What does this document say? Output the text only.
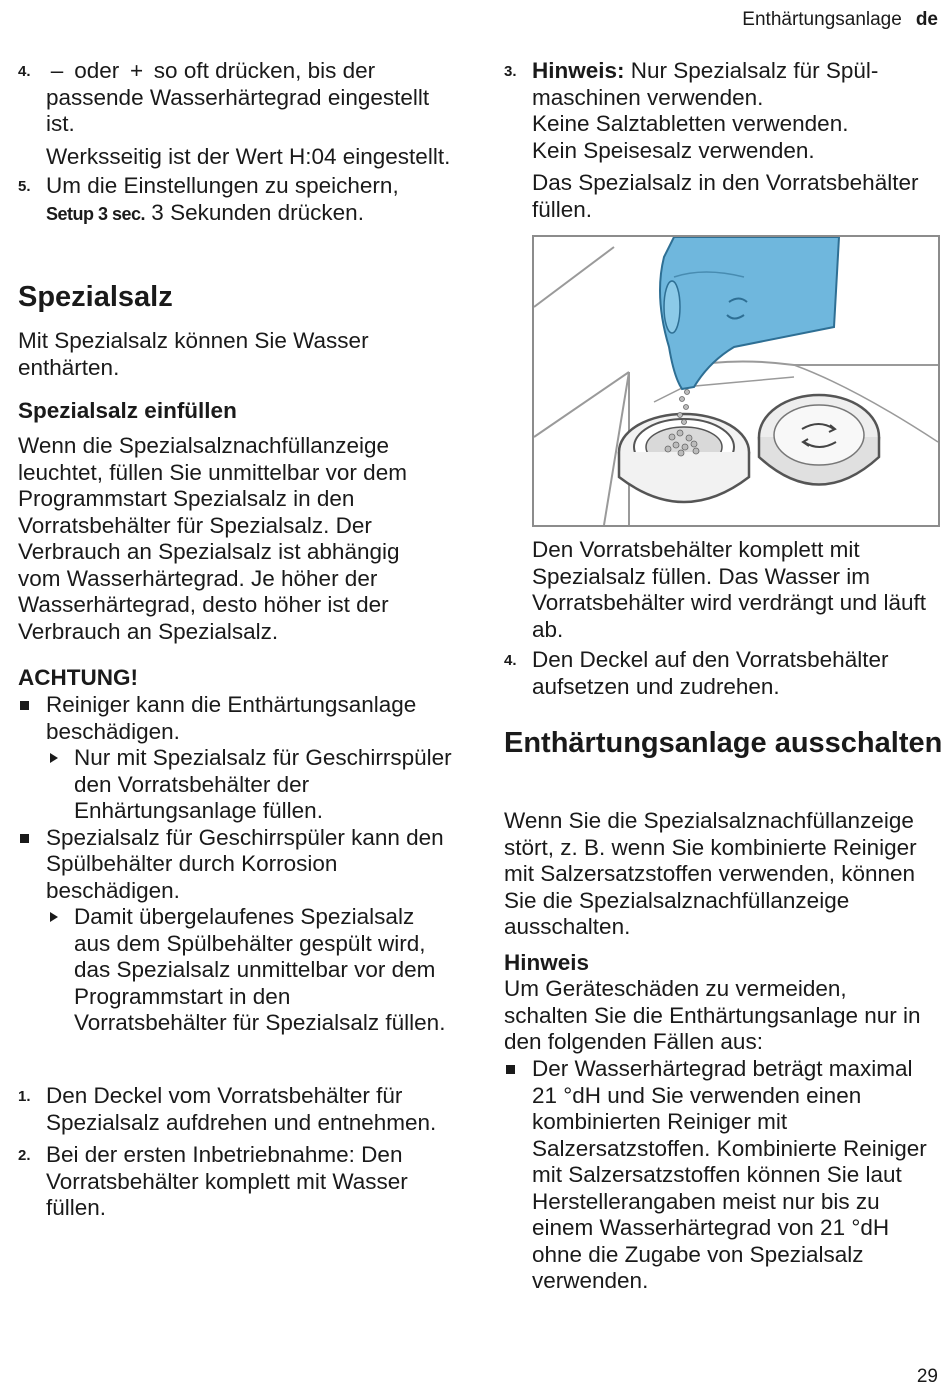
Enthärtungsanlage de
4. – oder + so oft drücken, bis der passende Wasserhärtegrad eingestellt ist.

Werksseitig ist der Wert H:04 eingestellt.

5. Um die Einstellungen zu speichern,
Setup 3 sec. 3 Sekunden drücken.
Spezialsalz

Mit Spezialsalz können Sie Wasser enthärten.

Spezialsalz einfüllen

Wenn die Spezialsalznachfüllanzeige leuchtet, füllen Sie unmittelbar vor dem Programmstart Spezialsalz in den Vorratsbehälter für Spezialsalz. Der Verbrauch an Spezialsalz ist abhängig vom Wasserhärtegrad. Je höher der Wasserhärtegrad, desto höher ist der Verbrauch an Spezialsalz.

ACHTUNG!
Reiniger kann die Enthärtungsanlage beschädigen.
Nur mit Spezialsalz für Geschirrspüler den Vorratsbehälter der Enhärtungsanlage füllen.
Spezialsalz für Geschirrspüler kann den Spülbehälter durch Korrosion beschädigen.
Damit übergelaufenes Spezialsalz aus dem Spülbehälter gespült wird, das Spezialsalz unmittelbar vor dem Programmstart in den Vorratsbehälter für Spezialsalz füllen.
1. Den Deckel vom Vorratsbehälter für Spezialsalz aufdrehen und entnehmen.
2. Bei der ersten Inbetriebnahme: Den Vorratsbehälter komplett mit Wasser füllen.
3. Hinweis: Nur Spezialsalz für Spülmaschinen verwenden.
Keine Salztabletten verwenden.
Kein Speisesalz verwenden.

Das Spezialsalz in den Vorratsbehälter füllen.

Den Vorratsbehälter komplett mit Spezialsalz füllen. Das Wasser im Vorratsbehälter wird verdrängt und läuft ab.

4. Den Deckel auf den Vorratsbehälter aufsetzen und zudrehen.
Enthärtungsanlage ausschalten

Wenn Sie die Spezialsalznachfüllanzeige stört, z. B. wenn Sie kombinierte Reiniger mit Salzersatzstoffen verwenden, können Sie die Spezialsalznachfüllanzeige ausschalten.

Hinweis

Um Geräteschäden zu vermeiden, schalten Sie die Enthärtungsanlage nur in den folgenden Fällen aus:

Der Wasserhärtegrad beträgt maximal 21 °dH und Sie verwenden einen kombinierten Reiniger mit Salzersatzstoffen. Kombinierte Reiniger mit Salzersatzstoffen können Sie laut Herstellerangaben meist nur bis zu einem Wasserhärtegrad von 21 °dH ohne die Zugabe von Spezialsalz verwenden.
29
